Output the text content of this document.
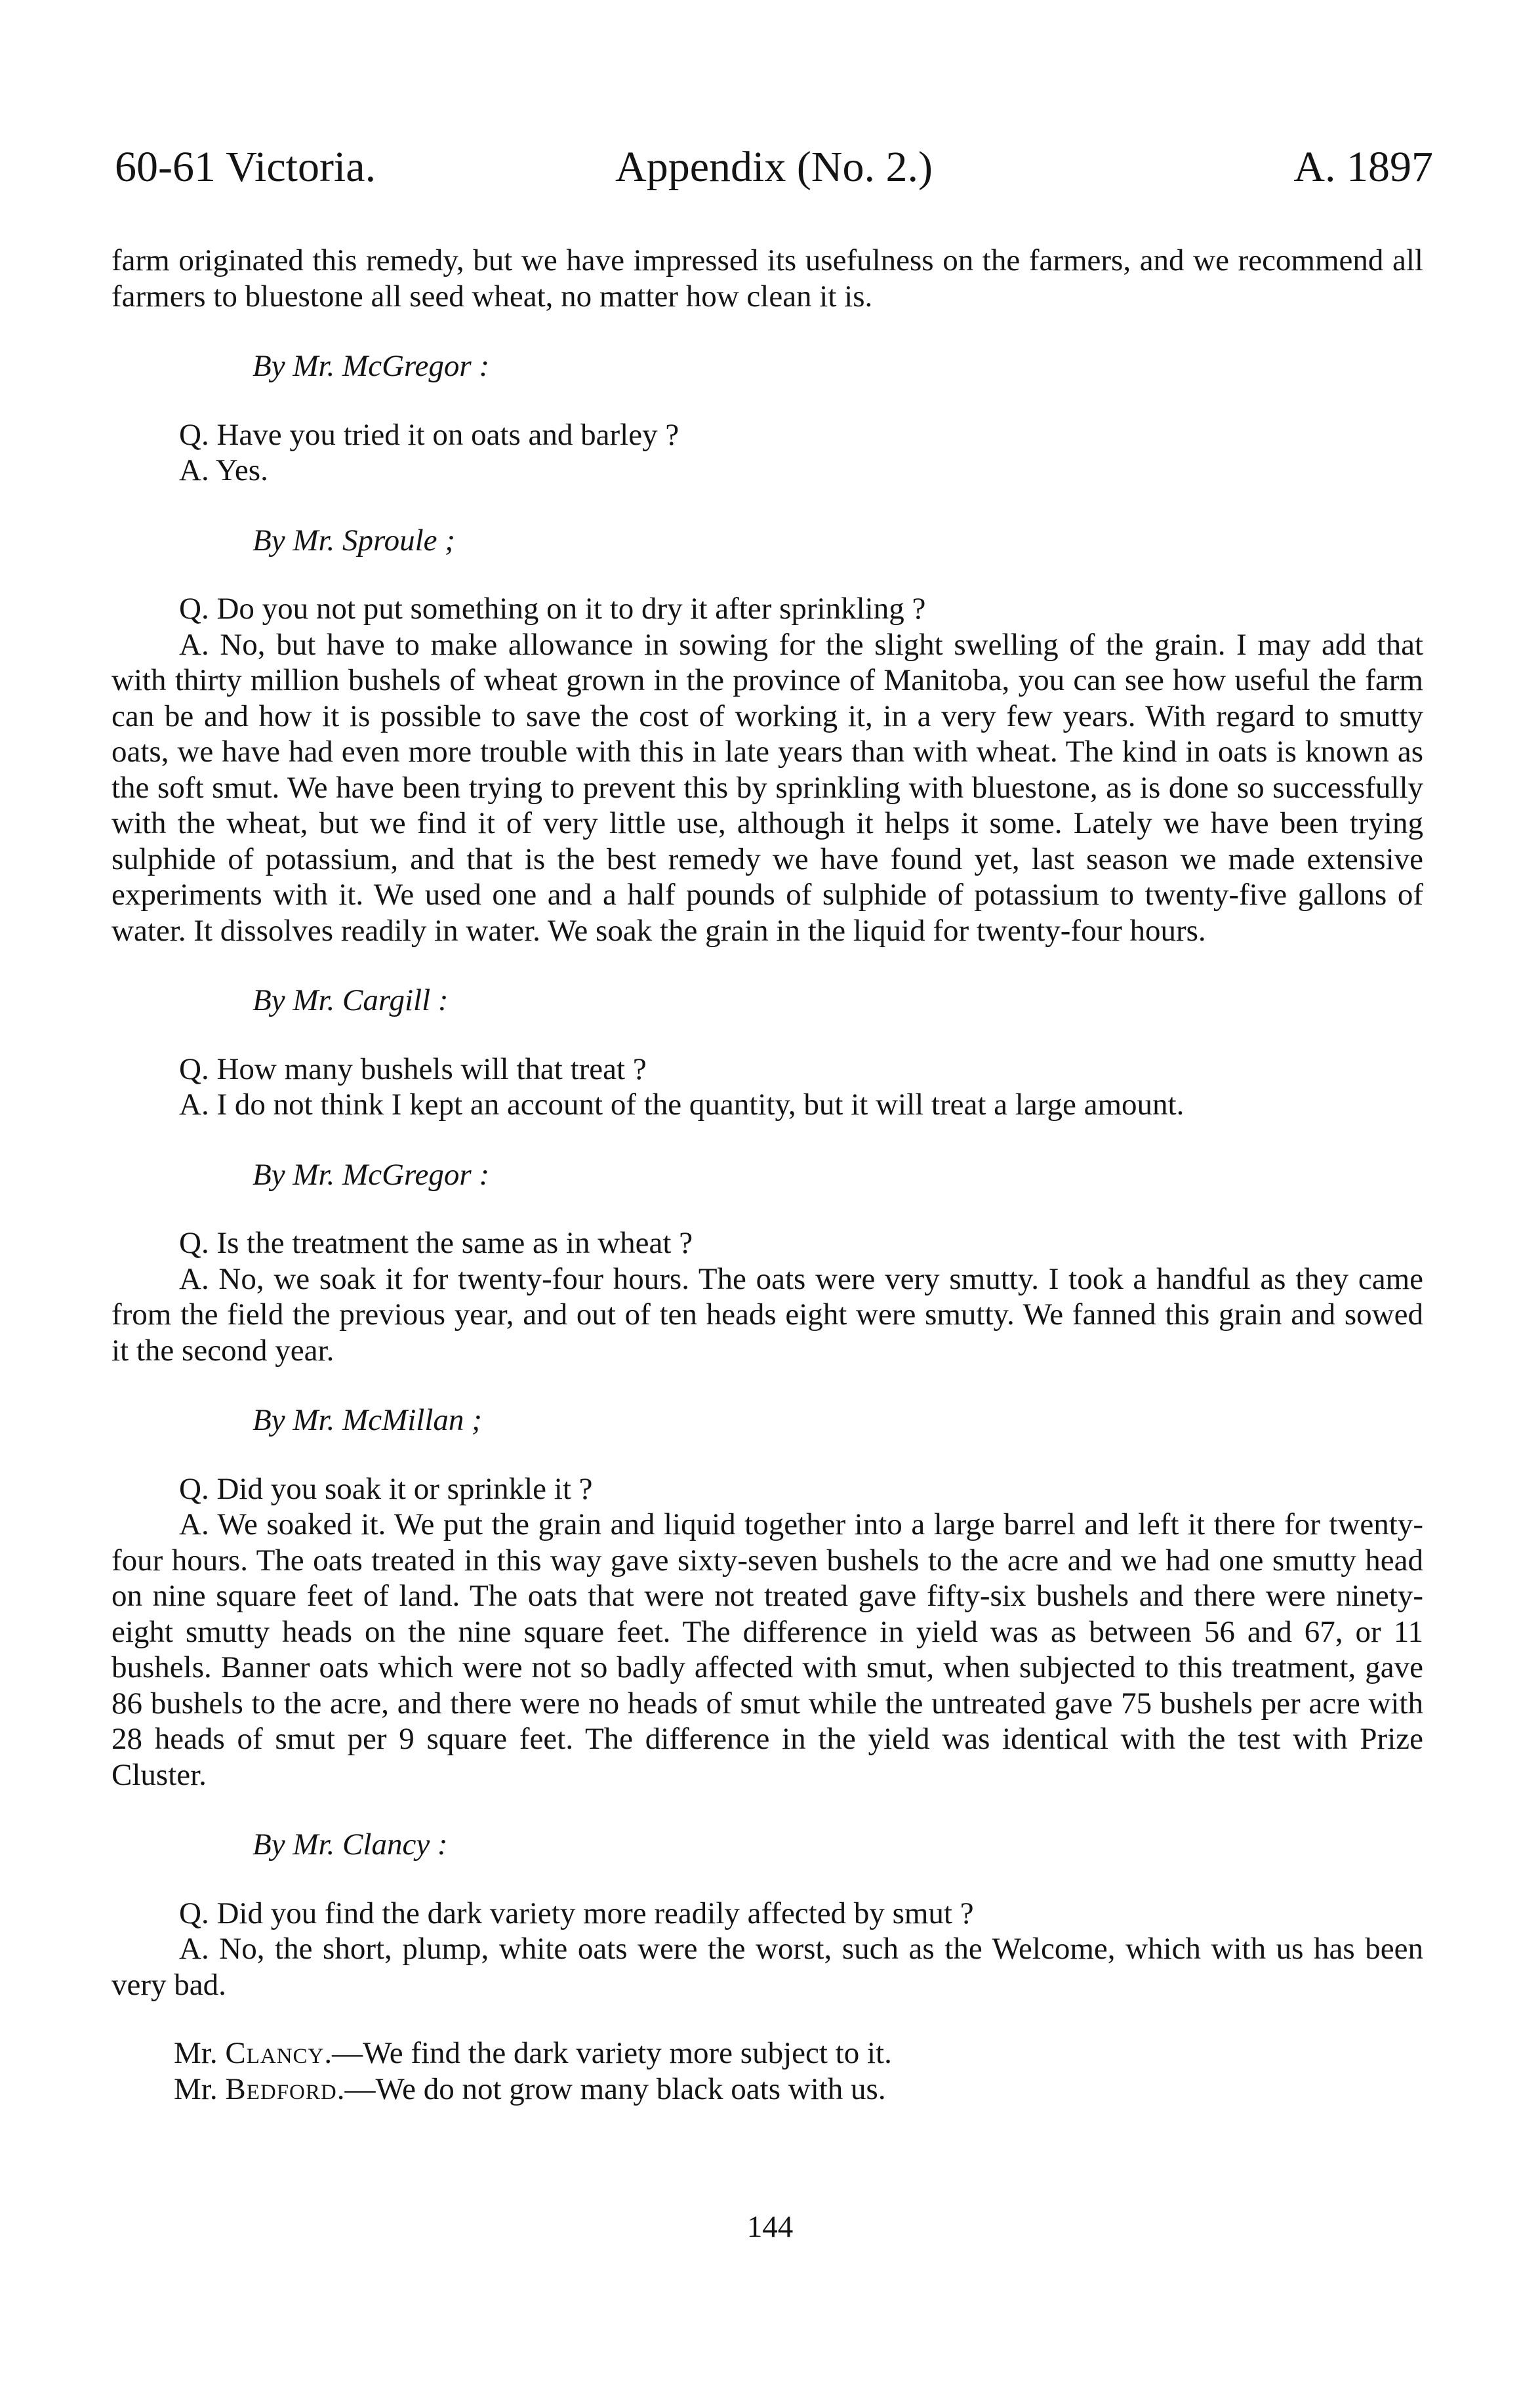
60-61 Victoria.	Appendix (No. 2.)	A. 1897

farm originated this remedy, but we have impressed its usefulness on the farmers, and we recommend all farmers to bluestone all seed wheat, no matter how clean it is.

By Mr. McGregor :

Q. Have you tried it on oats and barley ?

A. Yes.

By Mr. Sproule ;

Q. Do you not put something on it to dry it after sprinkling ?

A. No, but have to make allowance in sowing for the slight swelling of the grain. I may add that with thirty million bushels of wheat grown in the province of Manitoba, you can see how useful the farm can be and how it is possible to save the cost of working it, in a very few years. With regard to smutty oats, we have had even more trouble with this in late years than with wheat. The kind in oats is known as the soft smut. We have been trying to prevent this by sprinkling with bluestone, as is done so successfully with the wheat, but we find it of very little use, although it helps it some. Lately we have been trying sulphide of potassium, and that is the best remedy we have found yet, last season we made extensive experiments with it. We used one and a half pounds of sulphide of potassium to twenty-five gallons of water. It dissolves readily in water. We soak the grain in the liquid for twenty-four hours.

By Mr. Cargill :

Q. How many bushels will that treat ?

A. I do not think I kept an account of the quantity, but it will treat a large amount.

By Mr. McGregor :

Q. Is the treatment the same as in wheat ?

A. No, we soak it for twenty-four hours. The oats were very smutty. I took a handful as they came from the field the previous year, and out of ten heads eight were smutty. We fanned this grain and sowed it the second year.

By Mr. McMillan ;

Q. Did you soak it or sprinkle it ?

A. We soaked it. We put the grain and liquid together into a large barrel and left it there for twenty-four hours. The oats treated in this way gave sixty-seven bushels to the acre and we had one smutty head on nine square feet of land. The oats that were not treated gave fifty-six bushels and there were ninety-eight smutty heads on the nine square feet. The difference in yield was as between 56 and 67, or 11 bushels. Banner oats which were not so badly affected with smut, when subjected to this treatment, gave 86 bushels to the acre, and there were no heads of smut while the untreated gave 75 bushels per acre with 28 heads of smut per 9 square feet. The difference in the yield was identical with the test with Prize Cluster.

By Mr. Clancy :

Q. Did you find the dark variety more readily affected by smut ?

A. No, the short, plump, white oats were the worst, such as the Welcome, which with us has been very bad.

Mr. Clancy.—We find the dark variety more subject to it.

Mr. Bedford.—We do not grow many black oats with us.

144
